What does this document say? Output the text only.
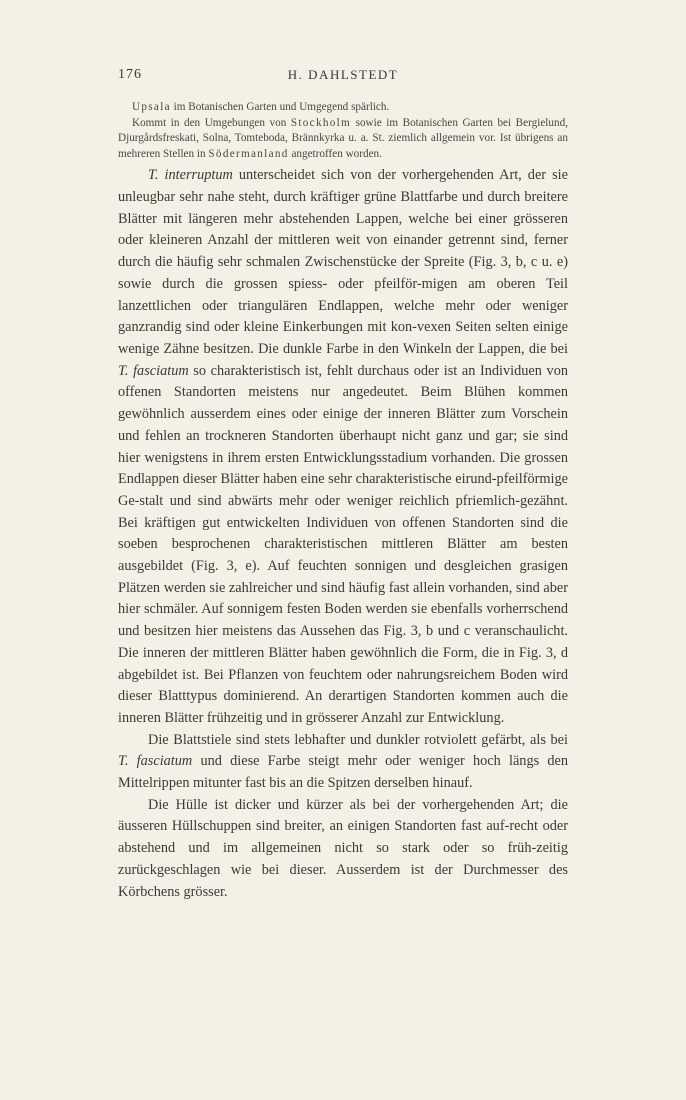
176	H. DAHLSTEDT

Upsala im Botanischen Garten und Umgegend spärlich.

Kommt in den Umgebungen von Stockholm sowie im Botanischen Garten bei Bergielund, Djurgårdsfreskati, Solna, Tomteboda, Brännkyrka u. a. St. ziemlich allgemein vor. Ist übrigens an mehreren Stellen in Södermanland angetroffen worden.

T. interruptum unterscheidet sich von der vorhergehenden Art, der sie unleugbar sehr nahe steht, durch kräftiger grüne Blattfarbe und durch breitere Blätter mit längeren mehr abstehenden Lappen, welche bei einer grösseren oder kleineren Anzahl der mittleren weit von einander getrennt sind, ferner durch die häufig sehr schmalen Zwischenstücke der Spreite (Fig. 3, b, c u. e) sowie durch die grossen spiess- oder pfeilför-migen am oberen Teil lanzettlichen oder triangulären Endlappen, welche mehr oder weniger ganzrandig sind oder kleine Einkerbungen mit kon-vexen Seiten selten einige wenige Zähne besitzen. Die dunkle Farbe in den Winkeln der Lappen, die bei T. fasciatum so charakteristisch ist, fehlt durchaus oder ist an Individuen von offenen Standorten meistens nur angedeutet. Beim Blühen kommen gewöhnlich ausserdem eines oder einige der inneren Blätter zum Vorschein und fehlen an trockneren Standorten überhaupt nicht ganz und gar; sie sind hier wenigstens in ihrem ersten Entwicklungsstadium vorhanden. Die grossen Endlappen dieser Blätter haben eine sehr charakteristische eirund-pfeilförmige Ge-stalt und sind abwärts mehr oder weniger reichlich pfriemlich-gezähnt. Bei kräftigen gut entwickelten Individuen von offenen Standorten sind die soeben besprochenen charakteristischen mittleren Blätter am besten ausgebildet (Fig. 3, e). Auf feuchten sonnigen und desgleichen grasigen Plätzen werden sie zahlreicher und sind häufig fast allein vorhanden, sind aber hier schmäler. Auf sonnigem festen Boden werden sie ebenfalls vorherrschend und besitzen hier meistens das Aussehen das Fig. 3, b und c veranschaulicht. Die inneren der mittleren Blätter haben gewöhnlich die Form, die in Fig. 3, d abgebildet ist. Bei Pflanzen von feuchtem oder nahrungsreichem Boden wird dieser Blatttypus dominierend. An derartigen Standorten kommen auch die inneren Blätter frühzeitig und in grösserer Anzahl zur Entwicklung.

Die Blattstiele sind stets lebhafter und dunkler rotviolett gefärbt, als bei T. fasciatum und diese Farbe steigt mehr oder weniger hoch längs den Mittelrippen mitunter fast bis an die Spitzen derselben hinauf.

Die Hülle ist dicker und kürzer als bei der vorhergehenden Art; die äusseren Hüllschuppen sind breiter, an einigen Standorten fast auf-recht oder abstehend und im allgemeinen nicht so stark oder so früh-zeitig zurückgeschlagen wie bei dieser. Ausserdem ist der Durchmesser des Körbchens grösser.
